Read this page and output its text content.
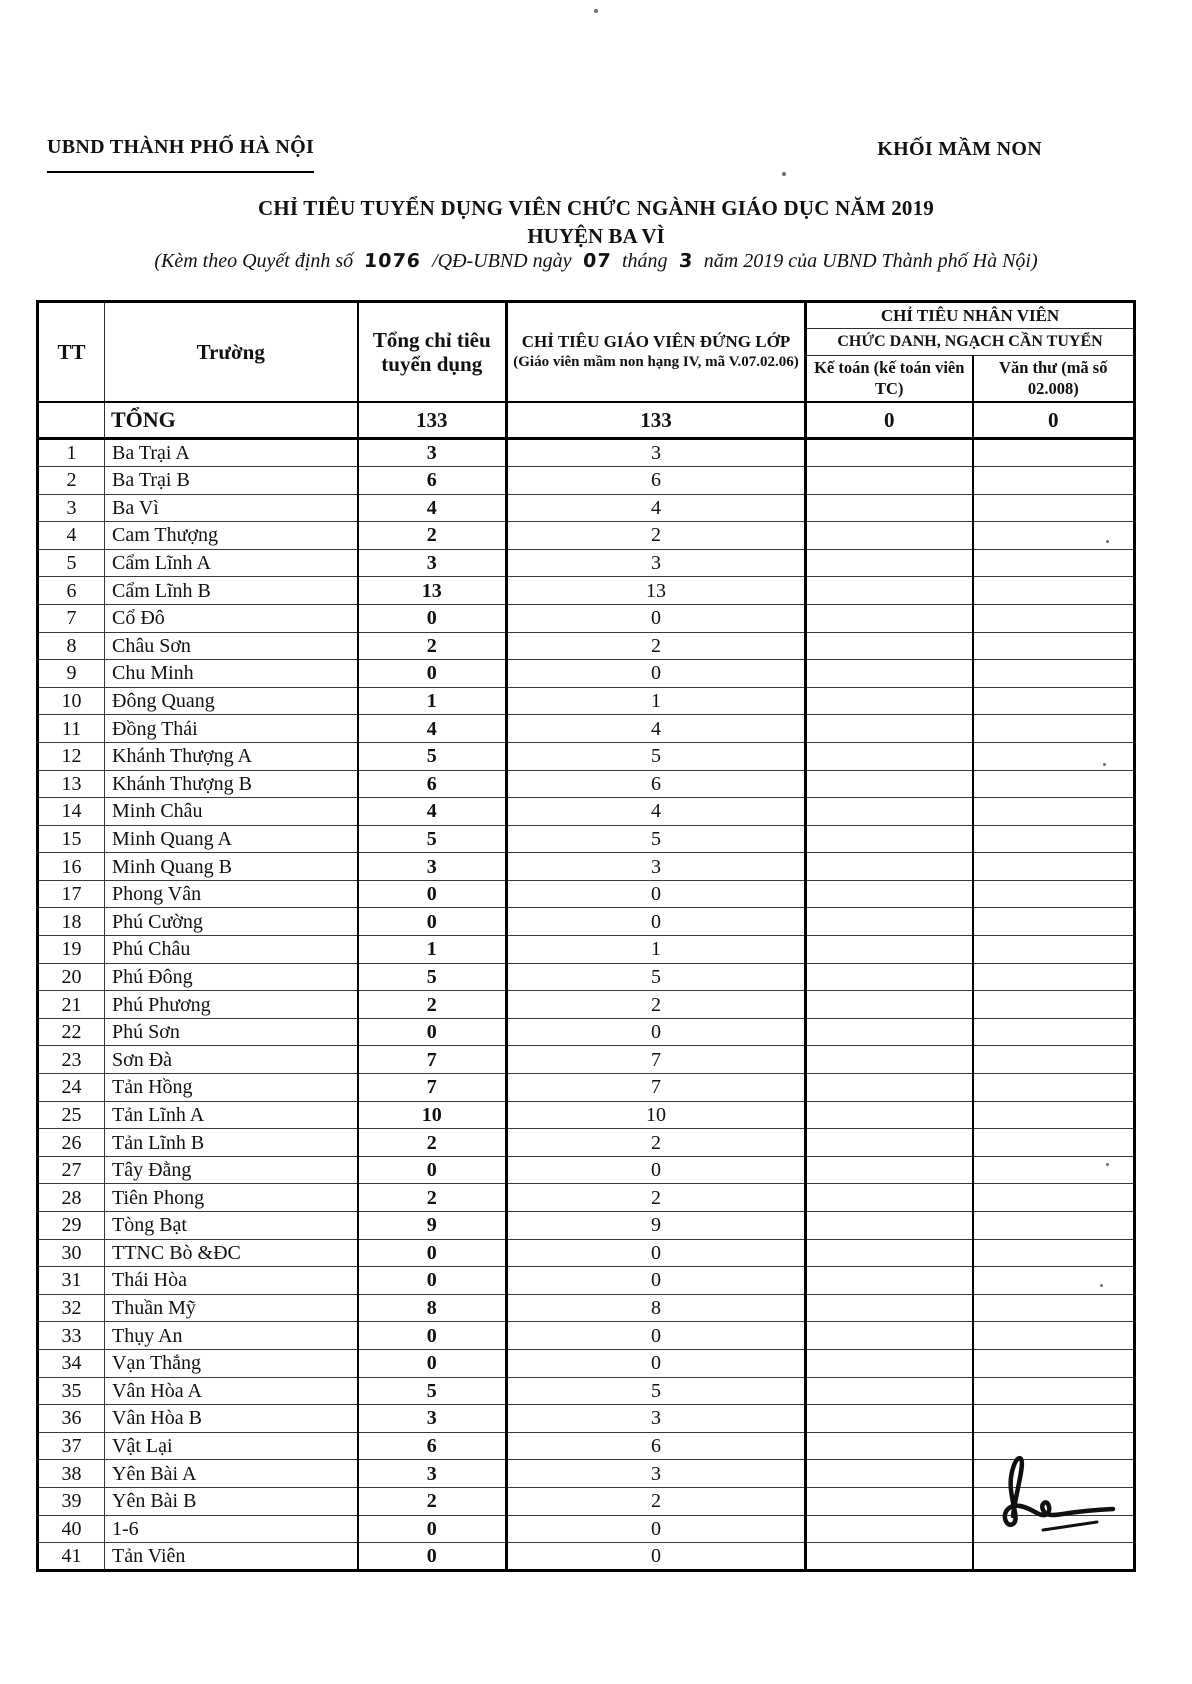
UBND THÀNH PHỐ HÀ NỘI	KHỐI MẦM NON
CHỈ TIÊU TUYỂN DỤNG VIÊN CHỨC NGÀNH GIÁO DỤC NĂM 2019
HUYỆN BA VÌ
(Kèm theo Quyết định số 1076 /QĐ-UBND ngày 07 tháng 3 năm 2019 của UBND Thành phố Hà Nội)
TT	Trường	Tổng chỉ tiêu tuyển dụng	CHỈ TIÊU GIÁO VIÊN ĐỨNG LỚP
(Giáo viên mầm non hạng IV, mã V.07.02.06)	CHỈ TIÊU NHÂN VIÊN	
				CHỨC DANH, NGẠCH CẦN TUYỂN	
				Kế toán (kế toán viên TC)	Văn thư (mã số 02.008)
	TỔNG	133	133	0	0
1	Ba Trại A	3	3		
2	Ba Trại B	6	6		
3	Ba Vì	4	4		
4	Cam Thượng	2	2		
5	Cẩm Lĩnh A	3	3		
6	Cẩm Lĩnh B	13	13		
7	Cổ Đô	0	0		
8	Châu Sơn	2	2		
9	Chu Minh	0	0		
10	Đông Quang	1	1		
11	Đồng Thái	4	4		
12	Khánh Thượng A	5	5		
13	Khánh Thượng B	6	6		
14	Minh Châu	4	4		
15	Minh Quang A	5	5		
16	Minh Quang B	3	3		
17	Phong Vân	0	0		
18	Phú Cường	0	0		
19	Phú Châu	1	1		
20	Phú Đông	5	5		
21	Phú Phương	2	2		
22	Phú Sơn	0	0		
23	Sơn Đà	7	7		
24	Tản Hồng	7	7		
25	Tản Lĩnh A	10	10		
26	Tản Lĩnh B	2	2		
27	Tây Đằng	0	0		
28	Tiên Phong	2	2		
29	Tòng Bạt	9	9		
30	TTNC Bò &ĐC	0	0		
31	Thái Hòa	0	0		
32	Thuần Mỹ	8	8		
33	Thụy An	0	0		
34	Vạn Thắng	0	0		
35	Vân Hòa A	5	5		
36	Vân Hòa B	3	3		
37	Vật Lại	6	6		
38	Yên Bài A	3	3		
39	Yên Bài B	2	2		
40	1-6	0	0		
41	Tản Viên	0	0		
